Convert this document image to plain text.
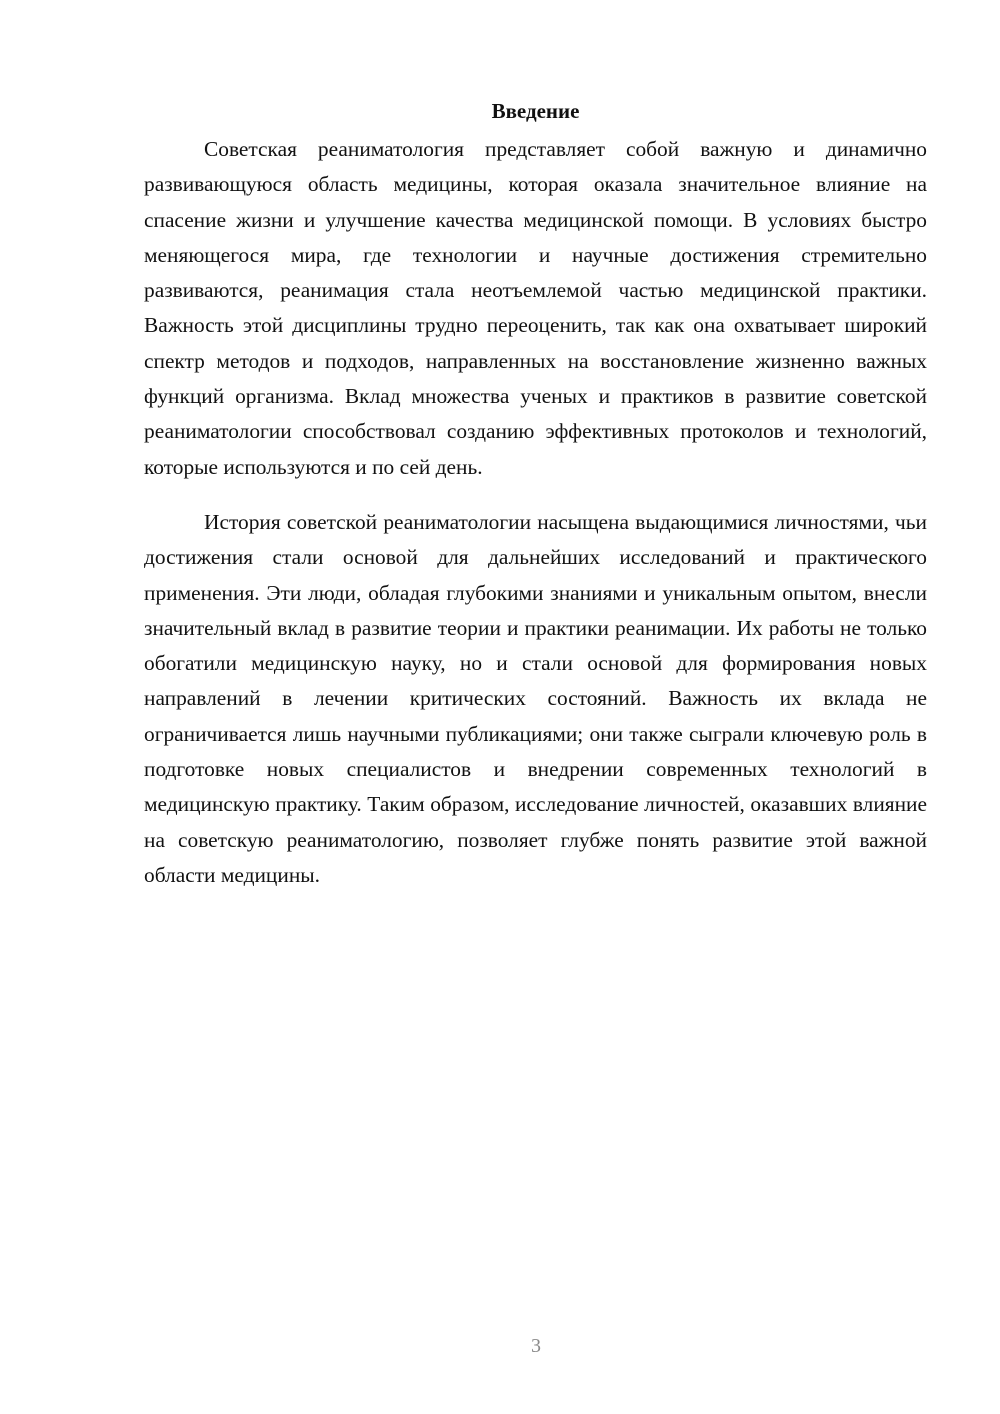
Введение

Советская реаниматология представляет собой важную и динамично развивающуюся область медицины, которая оказала значительное влияние на спасение жизни и улучшение качества медицинской помощи. В условиях быстро меняющегося мира, где технологии и научные достижения стремительно развиваются, реанимация стала неотъемлемой частью медицинской практики. Важность этой дисциплины трудно переоценить, так как она охватывает широкий спектр методов и подходов, направленных на восстановление жизненно важных функций организма. Вклад множества ученых и практиков в развитие советской реаниматологии способствовал созданию эффективных протоколов и технологий, которые используются и по сей день.

История советской реаниматологии насыщена выдающимися личностями, чьи достижения стали основой для дальнейших исследований и практического применения. Эти люди, обладая глубокими знаниями и уникальным опытом, внесли значительный вклад в развитие теории и практики реанимации. Их работы не только обогатили медицинскую науку, но и стали основой для формирования новых направлений в лечении критических состояний. Важность их вклада не ограничивается лишь научными публикациями; они также сыграли ключевую роль в подготовке новых специалистов и внедрении современных технологий в медицинскую практику. Таким образом, исследование личностей, оказавших влияние на советскую реаниматологию, позволяет глубже понять развитие этой важной области медицины.

3
